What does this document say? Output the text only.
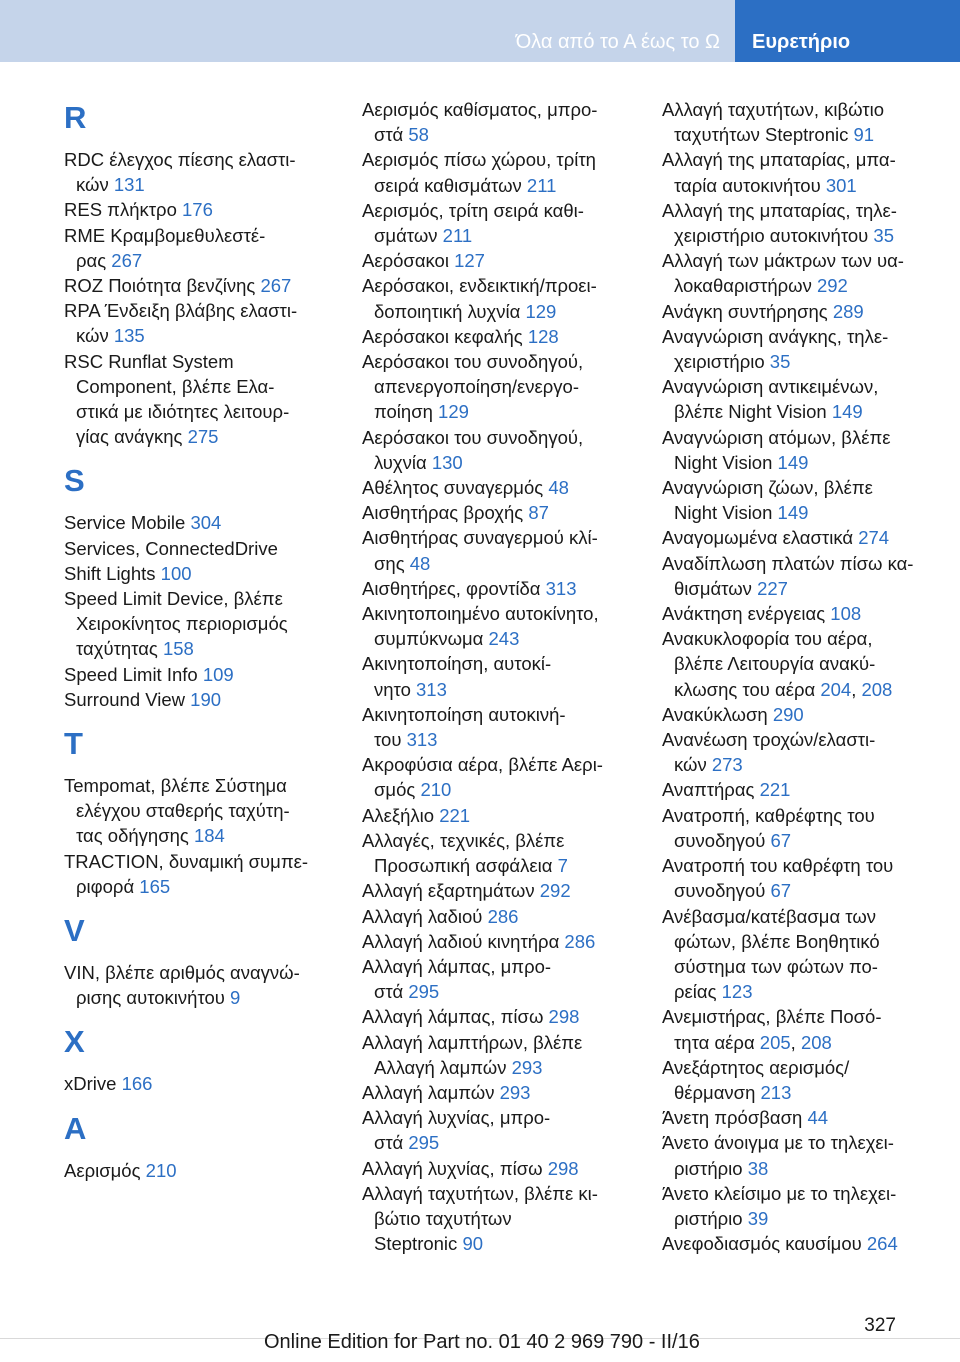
Όλα από το Α έως το Ω Ευρετήριο
R
RDC έλεγχος πίεσης ελαστι-
κών 131
RES πλήκτρο 176
RME Κραμβομεθυλεστέ-
ρας 267
ROZ Ποιότητα βενζίνης 267
RPA Ένδειξη βλάβης ελαστι-
κών 135
RSC Runflat System
Component, βλέπε Ελα-
στικά με ιδιότητες λειτουρ-
γίας ανάγκης 275
S
Service Mobile 304
Services, ConnectedDrive
Shift Lights 100
Speed Limit Device, βλέπε
Χειροκίνητος περιορισμός
ταχύτητας 158
Speed Limit Info 109
Surround View 190
T
Tempomat, βλέπε Σύστημα
ελέγχου σταθερής ταχύτη-
τας οδήγησης 184
TRACTION, δυναμική συμπε-
ριφορά 165
V
VIN, βλέπε αριθμός αναγνώ-
ρισης αυτοκινήτου 9
X
xDrive 166
A
Αερισμός 210
Αερισμός καθίσματος, μπρο-
στά 58
Αερισμός πίσω χώρου, τρίτη
σειρά καθισμάτων 211
Αερισμός, τρίτη σειρά καθι-
σμάτων 211
Αερόσακοι 127
Αερόσακοι, ενδεικτική/προει-
δοποιητική λυχνία 129
Αερόσακοι κεφαλής 128
Αερόσακοι του συνοδηγού,
απενεργοποίηση/ενεργο-
ποίηση 129
Αερόσακοι του συνοδηγού,
λυχνία 130
Αθέλητος συναγερμός 48
Αισθητήρας βροχής 87
Αισθητήρας συναγερμού κλί-
σης 48
Αισθητήρες, φροντίδα 313
Ακινητοποιημένο αυτοκίνητο,
συμπύκνωμα 243
Ακινητοποίηση, αυτοκί-
νητο 313
Ακινητοποίηση αυτοκινή-
του 313
Ακροφύσια αέρα, βλέπε Αερι-
σμός 210
Αλεξήλιο 221
Αλλαγές, τεχνικές, βλέπε
Προσωπική ασφάλεια 7
Αλλαγή εξαρτημάτων 292
Αλλαγή λαδιού 286
Αλλαγή λαδιού κινητήρα 286
Αλλαγή λάμπας, μπρο-
στά 295
Αλλαγή λάμπας, πίσω 298
Αλλαγή λαμπτήρων, βλέπε
Αλλαγή λαμπών 293
Αλλαγή λαμπών 293
Αλλαγή λυχνίας, μπρο-
στά 295
Αλλαγή λυχνίας, πίσω 298
Αλλαγή ταχυτήτων, βλέπε κι-
βώτιο ταχυτήτων
Steptronic 90
Αλλαγή ταχυτήτων, κιβώτιο
ταχυτήτων Steptronic 91
Αλλαγή της μπαταρίας, μπα-
ταρία αυτοκινήτου 301
Αλλαγή της μπαταρίας, τηλε-
χειριστήριο αυτοκινήτου 35
Αλλαγή των μάκτρων των υα-
λοκαθαριστήρων 292
Ανάγκη συντήρησης 289
Αναγνώριση ανάγκης, τηλε-
χειριστήριο 35
Αναγνώριση αντικειμένων,
βλέπε Night Vision 149
Αναγνώριση ατόμων, βλέπε
Night Vision 149
Αναγνώριση ζώων, βλέπε
Night Vision 149
Αναγομωμένα ελαστικά 274
Αναδίπλωση πλατών πίσω κα-
θισμάτων 227
Ανάκτηση ενέργειας 108
Ανακυκλοφορία του αέρα,
βλέπε Λειτουργία ανακύ-
κλωσης του αέρα 204, 208
Ανακύκλωση 290
Ανανέωση τροχών/ελαστι-
κών 273
Αναπτήρας 221
Ανατροπή, καθρέφτης του
συνοδηγού 67
Ανατροπή του καθρέφτη του
συνοδηγού 67
Ανέβασμα/κατέβασμα των
φώτων, βλέπε Βοηθητικό
σύστημα των φώτων πο-
ρείας 123
Ανεμιστήρας, βλέπε Ποσό-
τητα αέρα 205, 208
Ανεξάρτητος αερισμός/
θέρμανση 213
Άνετη πρόσβαση 44
Άνετο άνοιγμα με το τηλεχει-
ριστήριο 38
Άνετο κλείσιμο με το τηλεχει-
ριστήριο 39
Ανεφοδιασμός καυσίμου 264
327
Online Edition for Part no. 01 40 2 969 790 - II/16
